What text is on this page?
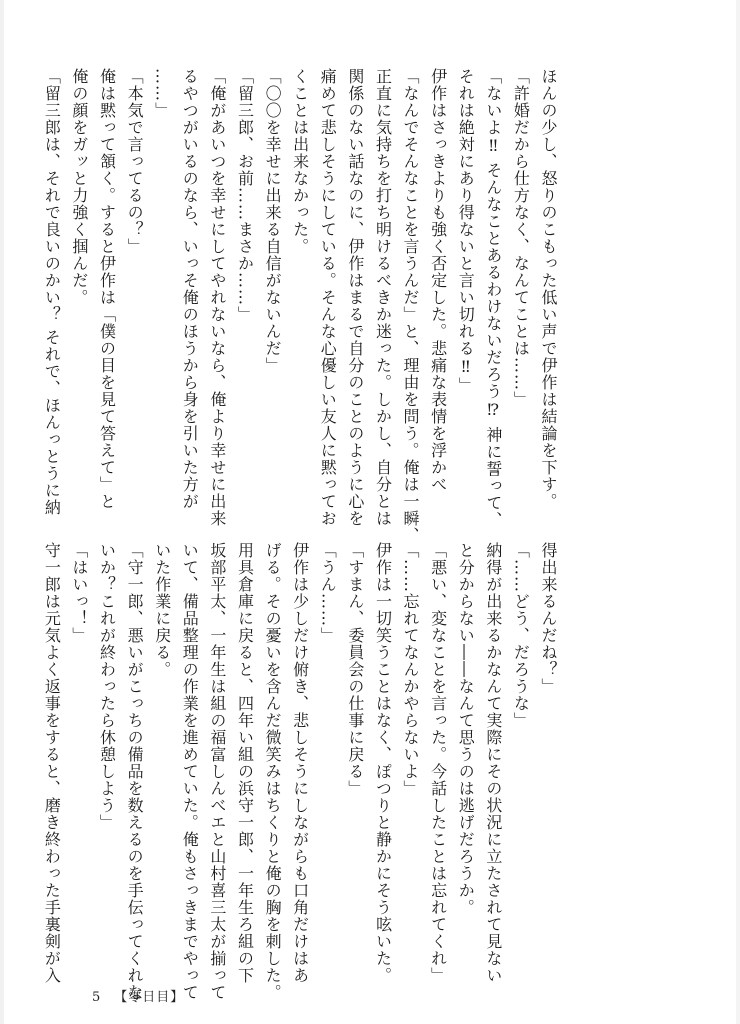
ほんの少し、怒りのこもった低い声で伊作は結論を下す。
「許婚だから仕方なく、なんてことは……」
「ないよ‼ そんなことあるわけないだろう⁉ 神に誓って、
それは絶対にあり得ないと言い切れる‼」
伊作はさっきよりも強く否定した。悲痛な表情を浮かべ
「なんでそんなことを言うんだ」と、理由を問う。俺は一瞬、
正直に気持ちを打ち明けるべきか迷った。しかし、自分とは
関係のない話なのに、伊作はまるで自分のことのように心を
痛めて悲しそうにしている。そんな心優しい友人に黙ってお
くことは出来なかった。
「〇〇を幸せに出来る自信がないんだ」
「留三郎、お前……まさか……」
「俺があいつを幸せにしてやれないなら、俺より幸せに出来
るやつがいるのなら、いっそ俺のほうから身を引いた方が
……」
「本気で言ってるの？」
俺は黙って頷く。すると伊作は「僕の目を見て答えて」と
俺の顔をガッと力強く掴んだ。
「留三郎は、それで良いのかい？ それで、ほんっとうに納
得出来るんだね？」
「……どう、だろうな」
納得が出来るかなんて実際にその状況に立たされて見ない
と分からない――なんて思うのは逃げだろうか。
「悪い、変なことを言った。今話したことは忘れてくれ」
「……忘れてなんかやらないよ」
伊作は一切笑うことはなく、ぽつりと静かにそう呟いた。
「すまん、委員会の仕事に戻る」
「うん……」
伊作は少しだけ俯き、悲しそうにしながらも口角だけはあ
げる。その憂いを含んだ微笑みはちくりと俺の胸を刺した。
用具倉庫に戻ると、四年い組の浜守一郎、一年生ろ組の下
坂部平太、一年生は組の福富しんべエと山村喜三太が揃って
いて、備品整理の作業を進めていた。俺もさっきまでやって
いた作業に戻る。
「守一郎、悪いがこっちの備品を数えるのを手伝ってくれな
いか？これが終わったら休憩しよう」
「はいっ！」
守一郎は元気よく返事をすると、磨き終わった手裏剣が入
5 【零日目】
